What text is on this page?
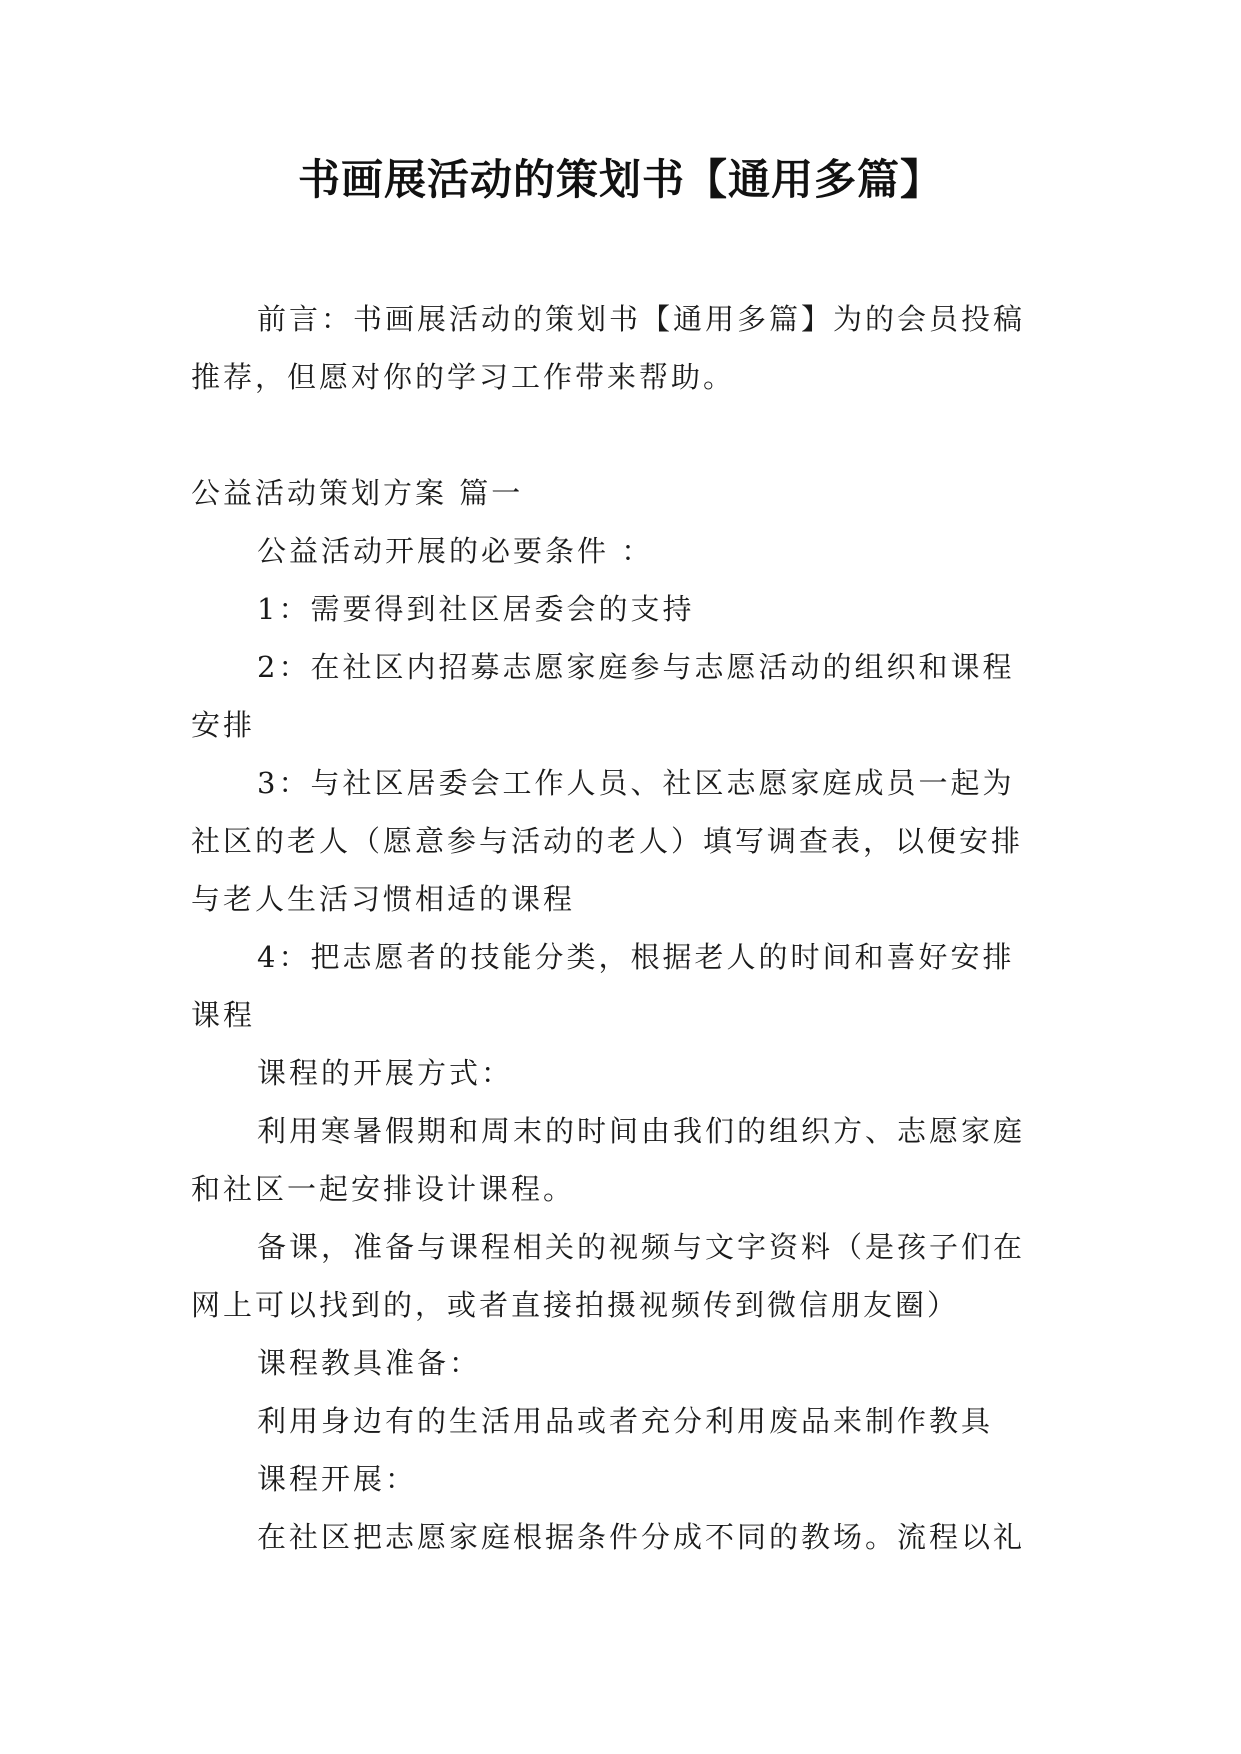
书画展活动的策划书【通用多篇】

前言：书画展活动的策划书【通用多篇】为的会员投稿

推荐，但愿对你的学习工作带来帮助。

公益活动策划方案 篇一

公益活动开展的必要条件 ：

1：需要得到社区居委会的支持

2：在社区内招募志愿家庭参与志愿活动的组织和课程

安排

3：与社区居委会工作人员、社区志愿家庭成员一起为

社区的老人（愿意参与活动的老人）填写调查表，以便安排

与老人生活习惯相适的课程

4：把志愿者的技能分类，根据老人的时间和喜好安排

课程

课程的开展方式：

利用寒暑假期和周末的时间由我们的组织方、志愿家庭

和社区一起安排设计课程。

备课，准备与课程相关的视频与文字资料（是孩子们在

网上可以找到的，或者直接拍摄视频传到微信朋友圈）

课程教具准备：

利用身边有的生活用品或者充分利用废品来制作教具

课程开展：

在社区把志愿家庭根据条件分成不同的教场。流程以礼
